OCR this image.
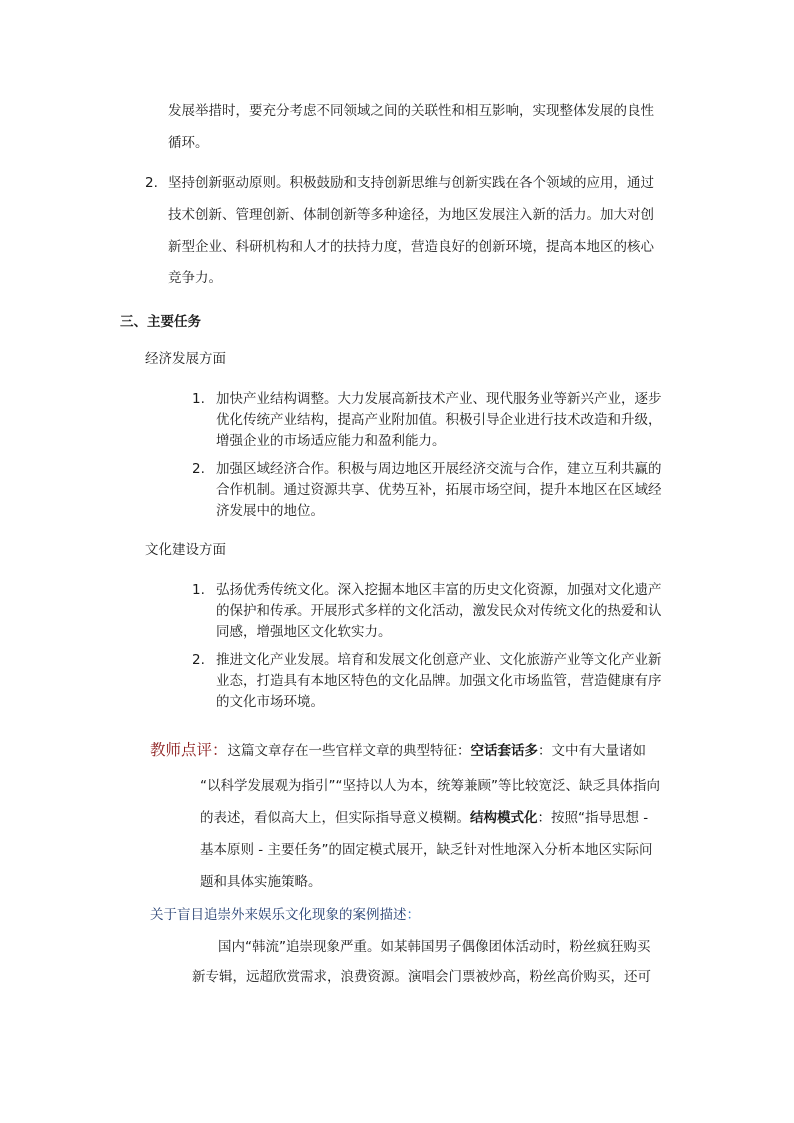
发展举措时，要充分考虑不同领域之间的关联性和相互影响，实现整体发展的良性
循环。
2. 坚持创新驱动原则。积极鼓励和支持创新思维与创新实践在各个领域的应用，通过
技术创新、管理创新、体制创新等多种途径，为地区发展注入新的活力。加大对创
新型企业、科研机构和人才的扶持力度，营造良好的创新环境，提高本地区的核心
竞争力。
三、主要任务
经济发展方面
1. 加快产业结构调整。大力发展高新技术产业、现代服务业等新兴产业，逐步
优化传统产业结构，提高产业附加值。积极引导企业进行技术改造和升级，
增强企业的市场适应能力和盈利能力。
2. 加强区域经济合作。积极与周边地区开展经济交流与合作，建立互利共赢的
合作机制。通过资源共享、优势互补，拓展市场空间，提升本地区在区域经
济发展中的地位。
文化建设方面
1. 弘扬优秀传统文化。深入挖掘本地区丰富的历史文化资源，加强对文化遗产
的保护和传承。开展形式多样的文化活动，激发民众对传统文化的热爱和认
同感，增强地区文化软实力。
2. 推进文化产业发展。培育和发展文化创意产业、文化旅游产业等文化产业新
业态，打造具有本地区特色的文化品牌。加强文化市场监管，营造健康有序
的文化市场环境。
教师点评：这篇文章存在一些官样文章的典型特征：空话套话多：文中有大量诸如
“以科学发展观为指引”“坚持以人为本，统筹兼顾”等比较宽泛、缺乏具体指向
的表述，看似高大上，但实际指导意义模糊。结构模式化：按照“指导思想 -
基本原则 - 主要任务”的固定模式展开，缺乏针对性地深入分析本地区实际问
题和具体实施策略。
关于盲目追崇外来娱乐文化现象的案例描述：
国内“韩流”追崇现象严重。如某韩国男子偶像团体活动时，粉丝疯狂购买
新专辑，远超欣赏需求，浪费资源。演唱会门票被炒高，粉丝高价购买，还可
